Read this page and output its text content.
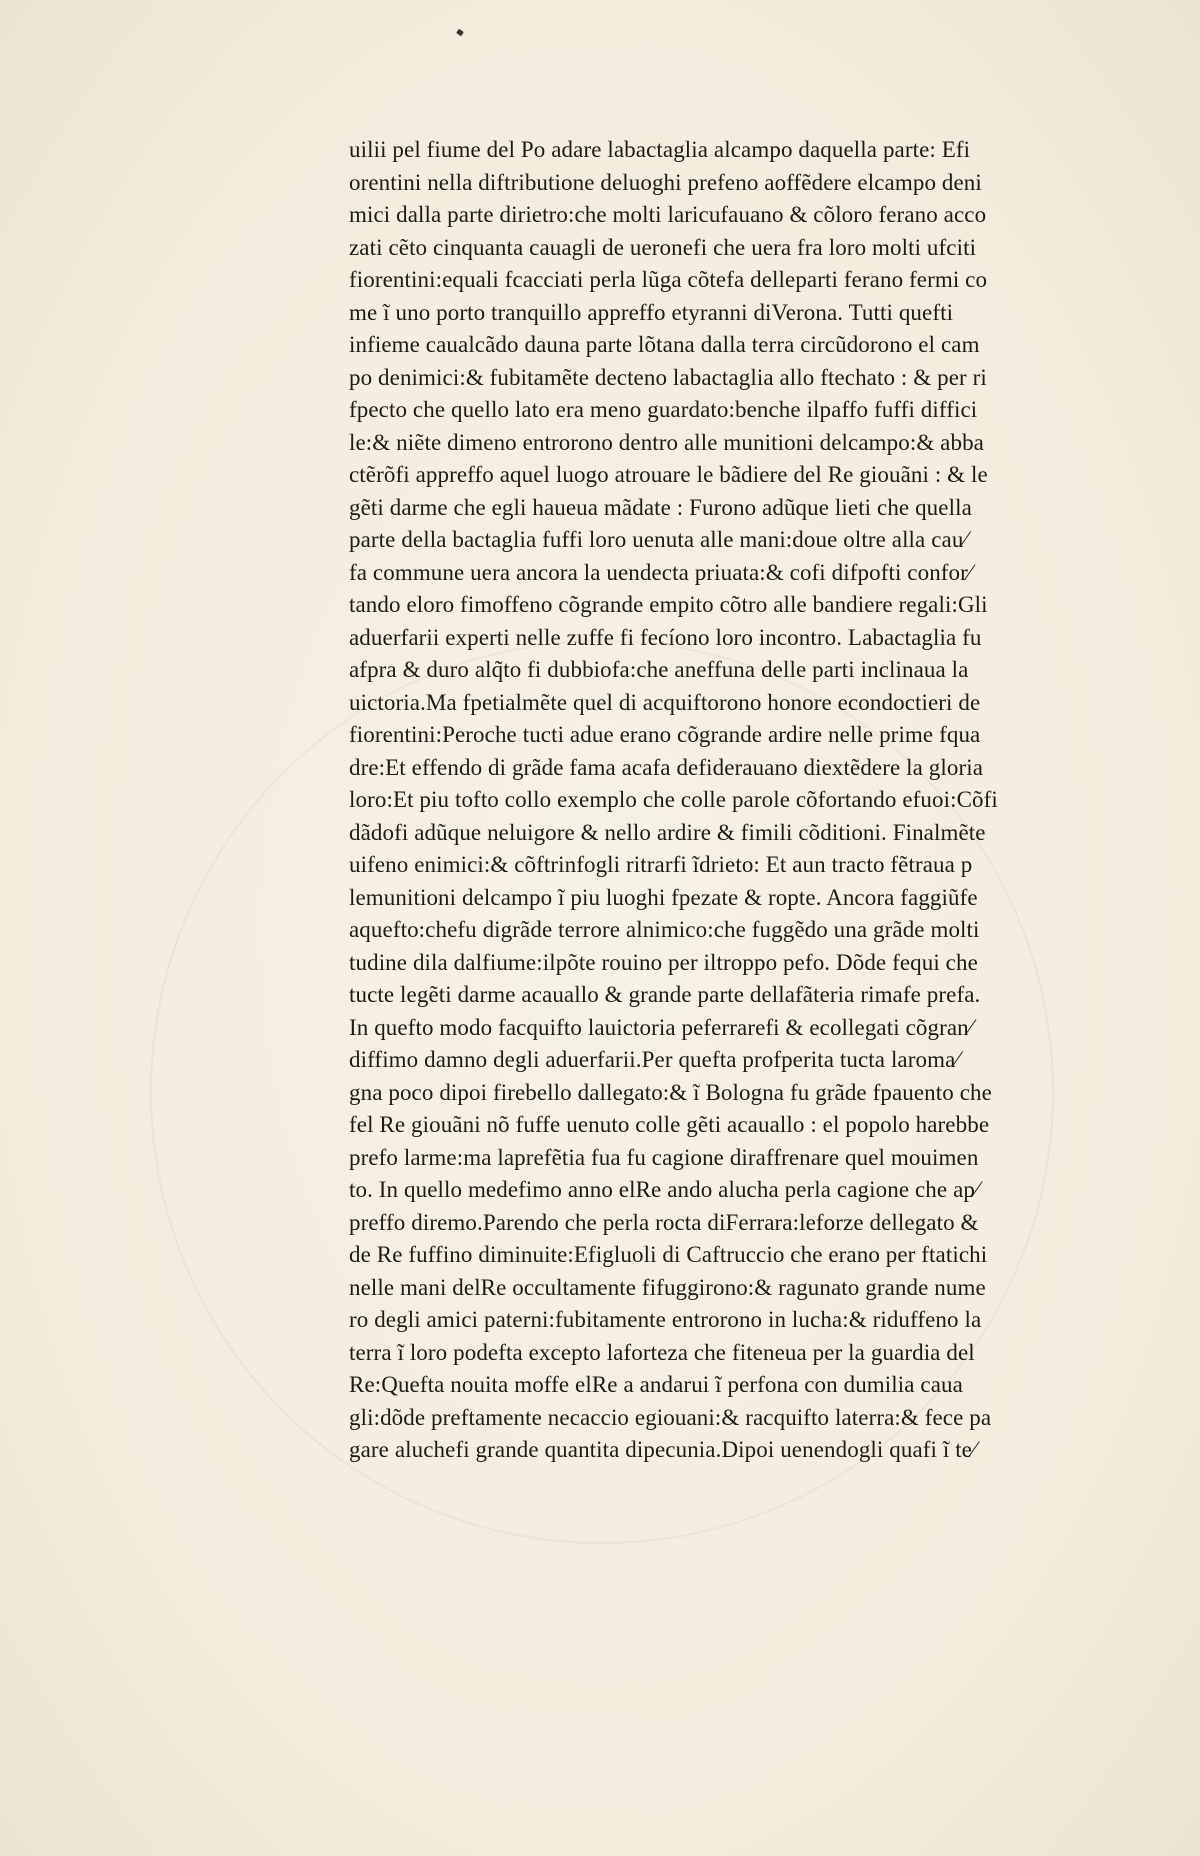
uilii pel fiume del Po adare labactaglia alcampo daquella parte: Efi
orentini nella diftributione deluoghi prefeno aoffẽdere elcampo deni
mici dalla parte dirietro:che molti laricufauano & cõloro ferano acco
zati cẽto cinquanta cauagli de ueronefi che uera fra loro molti ufciti
fiorentini:equali fcacciati perla lũga cõtefa delleparti ferano fermi co
me ĩ uno porto tranquillo appreffo etyranni diVerona. Tutti quefti
infieme caualcãdo dauna parte lõtana dalla terra circũdorono el cam
po denimici:& fubitamẽte decteno labactaglia allo ftechato : & per ri
fpecto che quello lato era meno guardato:benche ilpaffo fuffi diffici
le:& niẽte dimeno entrorono dentro alle munitioni delcampo:& abba
ctẽrõfi appreffo aquel luogo atrouare le bãdiere del Re giouãni : & le
gẽti darme che egli haueua mãdate : Furono adũque lieti che quella
parte della bactaglia fuffi loro uenuta alle mani:doue oltre alla cau⁄
fa commune uera ancora la uendecta priuata:& cofi difpofti confor⁄
tando eloro fimoffeno cõgrande empito cõtro alle bandiere regali:Gli
aduerfarii experti nelle zuffe fi fecíono loro incontro. Labactaglia fu
afpra & duro alq̃to fi dubbiofa:che aneffuna delle parti inclinaua la
uictoria.Ma fpetialmẽte quel di acquiftorono honore econdoctieri de
fiorentini:Peroche tucti adue erano cõgrande ardire nelle prime fqua
dre:Et effendo di grãde fama acafa defiderauano diextẽdere la gloria
loro:Et piu tofto collo exemplo che colle parole cõfortando efuoi:Cõfi
dãdofi adũque neluigore & nello ardire & fimili cõditioni. Finalmẽte
uifeno enimici:& cõftrinfogli ritrarfi ĩdrieto: Et aun tracto fẽtraua p
lemunitioni delcampo ĩ piu luoghi fpezate & ropte. Ancora faggiũfe
aquefto:chefu digrãde terrore alnimico:che fuggẽdo una grãde molti
tudine dila dalfiume:ilpõte rouino per iltroppo pefo. Dõde fequi che
tucte legẽti darme acauallo & grande parte dellafãteria rimafe prefa.
In quefto modo facquifto lauictoria peferrarefi & ecollegati cõgran⁄
diffimo damno degli aduerfarii.Per quefta profperita tucta laroma⁄
gna poco dipoi firebello dallegato:& ĩ Bologna fu grãde fpauento che
fel Re giouãni nõ fuffe uenuto colle gẽti acauallo : el popolo harebbe
prefo larme:ma laprefẽtia fua fu cagione diraffrenare quel mouimen
to. In quello medefimo anno elRe ando alucha perla cagione che ap⁄
preffo diremo.Parendo che perla rocta diFerrara:leforze dellegato &
de Re fuffino diminuite:Efigluoli di Caftruccio che erano per ftatichi
nelle mani delRe occultamente fifuggirono:& ragunato grande nume
ro degli amici paterni:fubitamente entrorono in lucha:& riduffeno la
terra ĩ loro podefta excepto laforteza che fiteneua per la guardia del
Re:Quefta nouita moffe elRe a andarui ĩ perfona con dumilia caua
gli:dõde preftamente necaccio egiouani:& racquifto laterra:& fece pa
gare aluchefi grande quantita dipecunia.Dipoi uenendogli quafi ĩ te⁄
